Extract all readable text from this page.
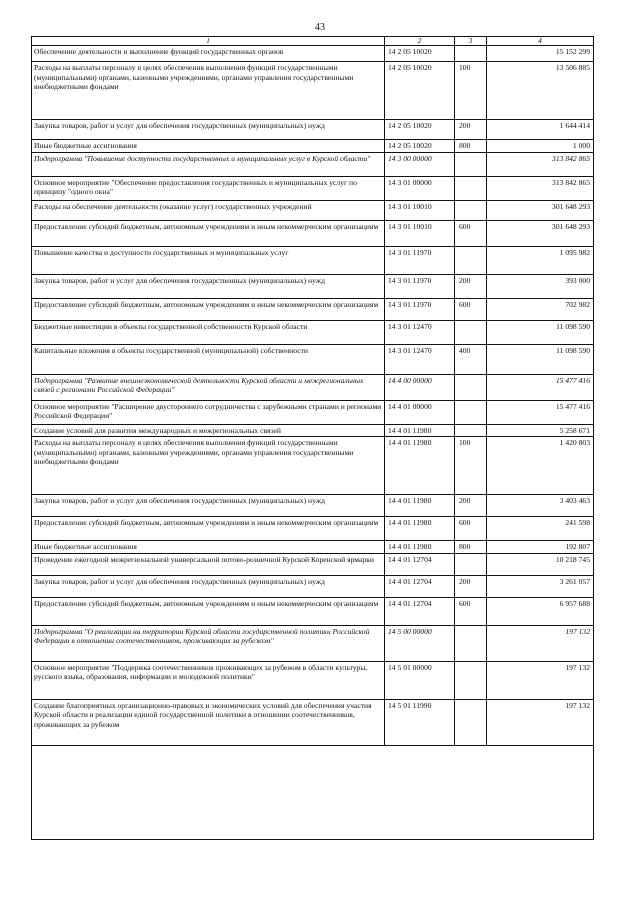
43
1	2	3	4
Обеспечение деятельности и выполнение функций государственных органов	14 2 05 10020		15 152 299
Расходы на выплаты персоналу в целях обеспечения выполнения функций государственными (муниципальными) органами, казенными учреждениями, органами управления государственными внебюджетными фондами	14 2 05 10020	100	13 506 885
Закупка товаров, работ и услуг для обеспечения государственных (муниципальных) нужд	14 2 05 10020	200	1 644 414
Иные бюджетные ассигнования	14 2 05 10020	800	1 000
Подпрограмма "Повышение доступности государственных и муниципальных услуг в Курской области"	14 3 00 00000		313 842 865
Основное мероприятие "Обеспечение предоставления государственных и муниципальных услуг по принципу "одного окна"	14 3 01 00000		313 842 865
Расходы на обеспечение деятельности (оказание услуг) государственных учреждений	14 3 01 10010		301 648 293
Предоставление субсидий бюджетным, автономным учреждениям и иным некоммерческим организациям	14 3 01 10010	600	301 648 293
Повышение качества и доступности государственных и муниципальных услуг	14 3 01 11970		1 095 982
Закупка товаров, работ и услуг для обеспечения государственных (муниципальных) нужд	14 3 01 11970	200	393 000
Предоставление субсидий бюджетным, автономным учреждениям и иным некоммерческим организациям	14 3 01 11970	600	702 982
Бюджетные инвестиции в объекты государственной собственности Курской области	14 3 01 12470		11 098 590
Капитальные вложения в объекты государственной (муниципальной) собственности	14 3 01 12470	400	11 098 590
Подпрограмма "Развитие внешнеэкономической деятельности Курской области и межрегиональных связей с регионами Российской Федерации"	14 4 00 00000		15 477 416
Основное мероприятие "Расширение двустороннего сотрудничества с зарубежными странами и регионами Российской Федерации"	14 4 01 00000		15 477 416
Создание условий для развития международных и межрегиональных связей	14 4 01 11980		5 258 671
Расходы на выплаты персоналу в целях обеспечения выполнения функций государственными (муниципальными) органами, казенными учреждениями, органами управления государственными внебюджетными фондами	14 4 01 11980	100	1 420 803
Закупка товаров, работ и услуг для обеспечения государственных (муниципальных) нужд	14 4 01 11980	200	3 403 463
Предоставление субсидий бюджетным, автономным учреждениям и иным некоммерческим организациям	14 4 01 11980	600	241 598
Иные бюджетные ассигнования	14 4 01 11980	800	192 807
Проведение ежегодной межрегиональной универсальной оптово-розничной Курской Коренской ярмарки	14 4 01 12704		10 218 745
Закупка товаров, работ и услуг для обеспечения государственных (муниципальных) нужд	14 4 01 12704	200	3 261 057
Предоставление субсидий бюджетным, автономным учреждениям и иным некоммерческим организациям	14 4 01 12704	600	6 957 688
Подпрограмма "О реализации на территории Курской области государственной политики Российской Федерации в отношении соотечественников, проживающих за рубежом"	14 5 00 00000		197 132
Основное мероприятие "Поддержка соотечественников проживающих за рубежом в области культуры, русского языка, образования, информации и молодежной политики"	14 5 01 00000		197 132
Создание благоприятных организационно-правовых и экономических условий для обеспечения участия Курской области в реализации единой государственной политики в отношении соотечественников, проживающих за рубежом	14 5 01 11990		197 132
